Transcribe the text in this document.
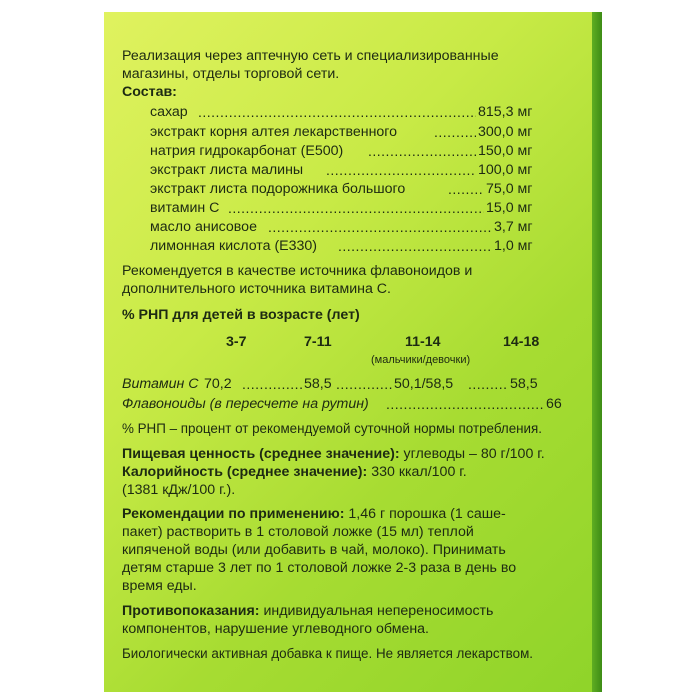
Реализация через аптечную сеть и специализированные
магазины, отделы торговой сети.
Состав:
сахар .....	815,3 мг
экстракт корня алтея лекарственного .....	300,0 мг
натрия гидрокарбонат (Е500) .....	150,0 мг
экстракт листа малины .....	100,0 мг
экстракт листа подорожника большого .....	75,0 мг
витамин С .....	15,0 мг
масло анисовое .....	3,7 мг
лимонная кислота (Е330) .....	1,0 мг
Рекомендуется в качестве источника флавоноидов и
дополнительного источника витамина С.
% РНП для детей в возрасте (лет)
3-7	7-11	11-14	14-18
(мальчики/девочки)
Витамин С 70,2 .....	58,5 .....	50,1/58,5 .....	58,5
Флавоноиды (в пересчете на рутин) .....	66
% РНП – процент от рекомендуемой суточной нормы потребления.
Пищевая ценность (среднее значение): углеводы – 80 г/100 г.
Калорийность (среднее значение): 330 ккал/100 г.
(1381 кДж/100 г.).
Рекомендации по применению: 1,46 г порошка (1 саше-
пакет) растворить в 1 столовой ложке (15 мл) теплой
кипяченой воды (или добавить в чай, молоко). Принимать
детям старше 3 лет по 1 столовой ложке 2-3 раза в день во
время еды.
Противопоказания: индивидуальная непереносимость
компонентов, нарушение углеводного обмена.
Биологически активная добавка к пище. Не является лекарством.
